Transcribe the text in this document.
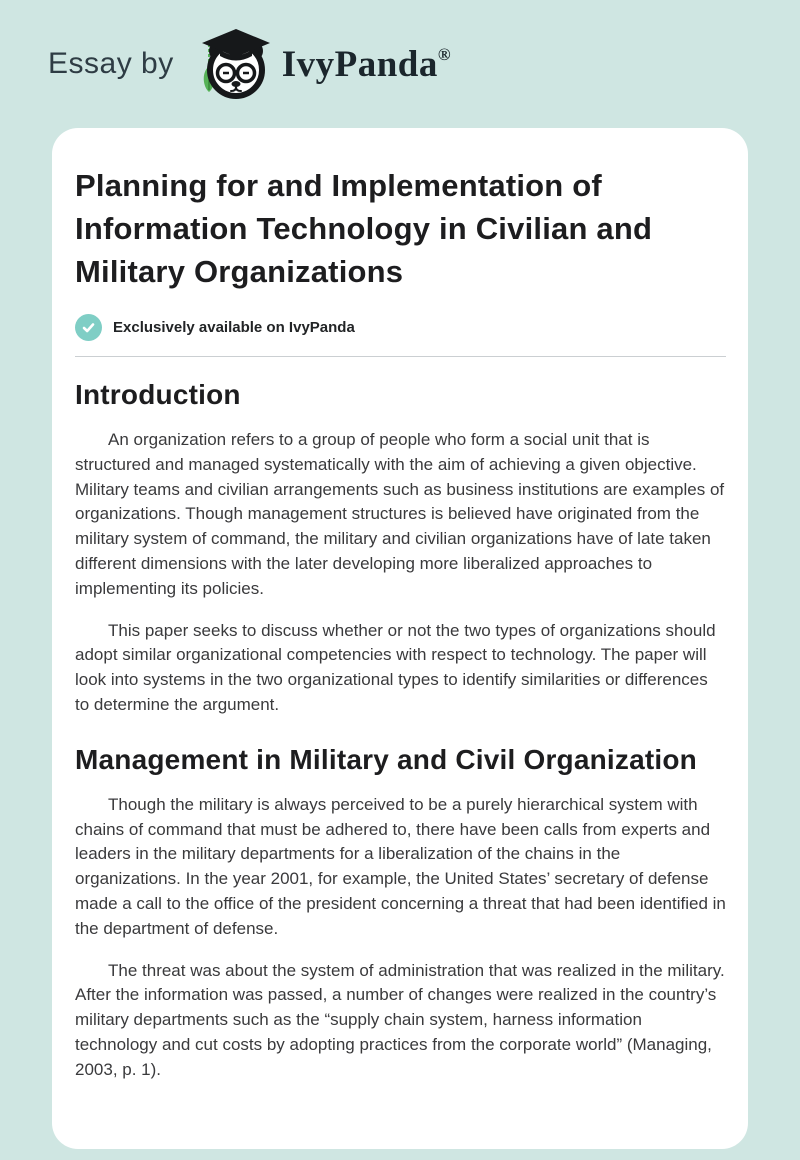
Essay by	IvyPanda®
Planning for and Implementation of Information Technology in Civilian and Military Organizations
Exclusively available on IvyPanda
Introduction

An organization refers to a group of people who form a social unit that is structured and managed systematically with the aim of achieving a given objective. Military teams and civilian arrangements such as business institutions are examples of organizations. Though management structures is believed have originated from the military system of command, the military and civilian organizations have of late taken different dimensions with the later developing more liberalized approaches to implementing its policies.

This paper seeks to discuss whether or not the two types of organizations should adopt similar organizational competencies with respect to technology. The paper will look into systems in the two organizational types to identify similarities or differences to determine the argument.

Management in Military and Civil Organization

Though the military is always perceived to be a purely hierarchical system with chains of command that must be adhered to, there have been calls from experts and leaders in the military departments for a liberalization of the chains in the organizations. In the year 2001, for example, the United States’ secretary of defense made a call to the office of the president concerning a threat that had been identified in the department of defense.

The threat was about the system of administration that was realized in the military. After the information was passed, a number of changes were realized in the country’s military departments such as the “supply chain system, harness information technology and cut costs by adopting practices from the corporate world” (Managing, 2003, p. 1).
